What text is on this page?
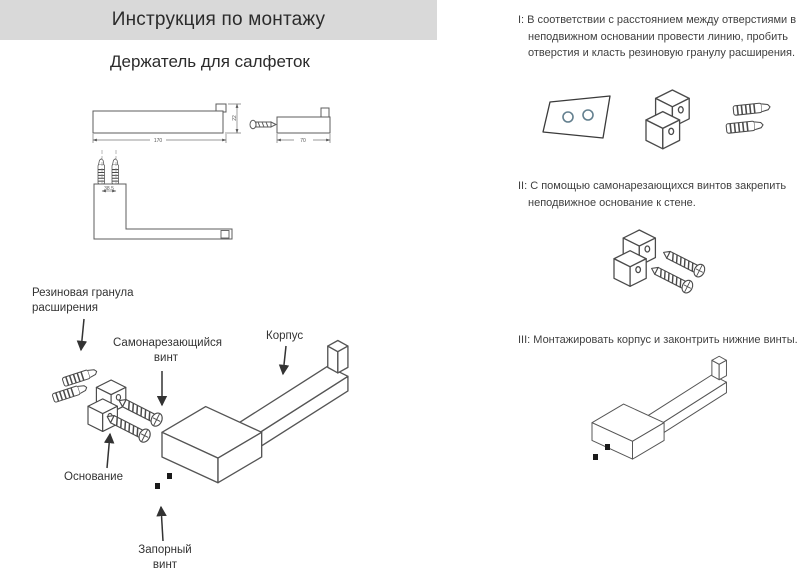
Инструкция по монтажу
Держатель для салфеток
I: В соответствии с расстоянием между отверстиями в неподвижном основании провести линию, пробить отверстия и класть резиновую гранулу расширения.
II: С помощью самонарезающихся винтов закрепить неподвижное основание к стене.
III: Монтажировать корпус и законтрить нижние винты.
Резиновая гранула расширения
Самонарезающийся винт
Корпус
Основание
Запорный винт
170
22
70
38.5
